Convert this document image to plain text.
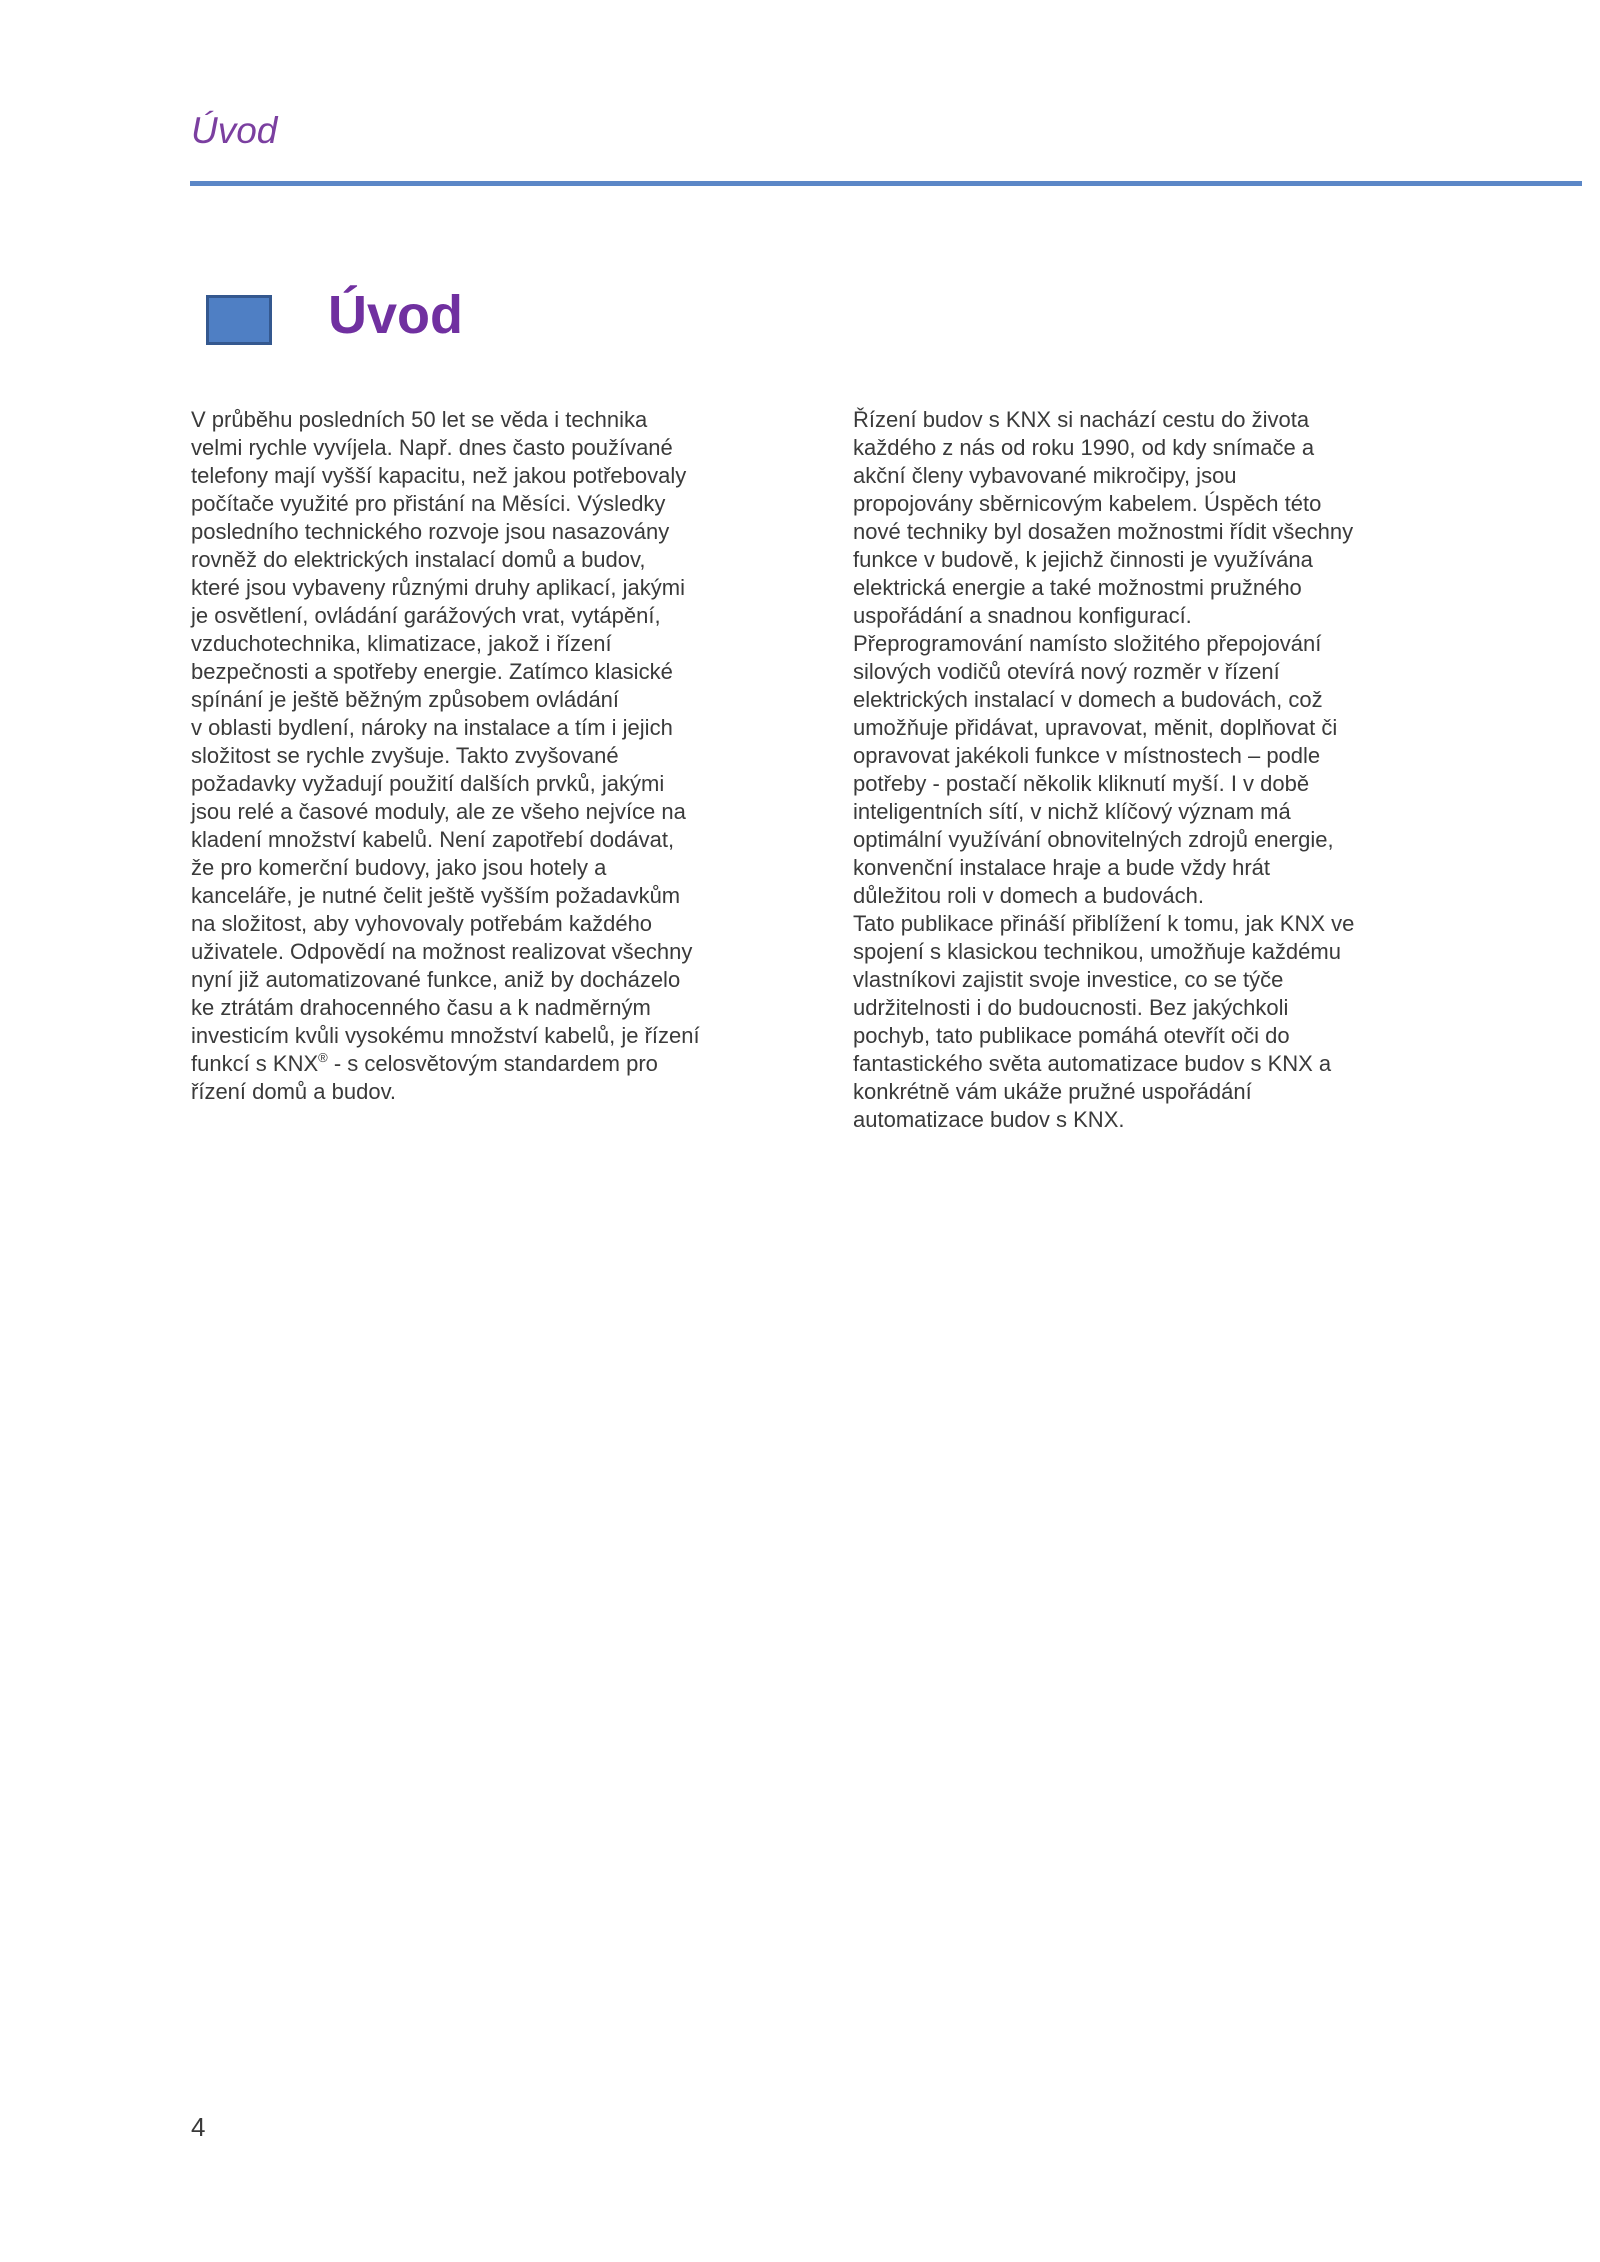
Úvod
Úvod

V průběhu posledních 50 let se věda i technika
velmi rychle vyvíjela. Např. dnes často používané
telefony mají vyšší kapacitu, než jakou potřebovaly
počítače využité pro přistání na Měsíci. Výsledky
posledního technického rozvoje jsou nasazovány
rovněž do elektrických instalací domů a budov,
které jsou vybaveny různými druhy aplikací, jakými
je osvětlení, ovládání garážových vrat, vytápění,
vzduchotechnika, klimatizace, jakož i řízení
bezpečnosti a spotřeby energie. Zatímco klasické
spínání je ještě běžným způsobem ovládání
v oblasti bydlení, nároky na instalace a tím i jejich
složitost se rychle zvyšuje. Takto zvyšované
požadavky vyžadují použití dalších prvků, jakými
jsou relé a časové moduly, ale ze všeho nejvíce na
kladení množství kabelů. Není zapotřebí dodávat,
že pro komerční budovy, jako jsou hotely a
kanceláře, je nutné čelit ještě vyšším požadavkům
na složitost, aby vyhovovaly potřebám každého
uživatele. Odpovědí na možnost realizovat všechny
nyní již automatizované funkce, aniž by docházelo
ke ztrátám drahocenného času a k nadměrným
investicím kvůli vysokému množství kabelů, je řízení
funkcí s KNX® - s celosvětovým standardem pro
řízení domů a budov.

Řízení budov s KNX si nachází cestu do života
každého z nás od roku 1990, od kdy snímače a
akční členy vybavované mikročipy, jsou
propojovány sběrnicovým kabelem. Úspěch této
nové techniky byl dosažen možnostmi řídit všechny
funkce v budově, k jejichž činnosti je využívána
elektrická energie a také možnostmi pružného
uspořádání a snadnou konfigurací.

Přeprogramování namísto složitého přepojování
silových vodičů otevírá nový rozměr v řízení
elektrických instalací v domech a budovách, což
umožňuje přidávat, upravovat, měnit, doplňovat či
opravovat jakékoli funkce v místnostech – podle
potřeby - postačí několik kliknutí myší. I v době
inteligentních sítí, v nichž klíčový význam má
optimální využívání obnovitelných zdrojů energie,
konvenční instalace hraje a bude vždy hrát
důležitou roli v domech a budovách.

Tato publikace přináší přiblížení k tomu, jak KNX ve
spojení s klasickou technikou, umožňuje každému
vlastníkovi zajistit svoje investice, co se týče
udržitelnosti i do budoucnosti. Bez jakýchkoli
pochyb, tato publikace pomáhá otevřít oči do
fantastického světa automatizace budov s KNX a
konkrétně vám ukáže pružné uspořádání
automatizace budov s KNX.

4
